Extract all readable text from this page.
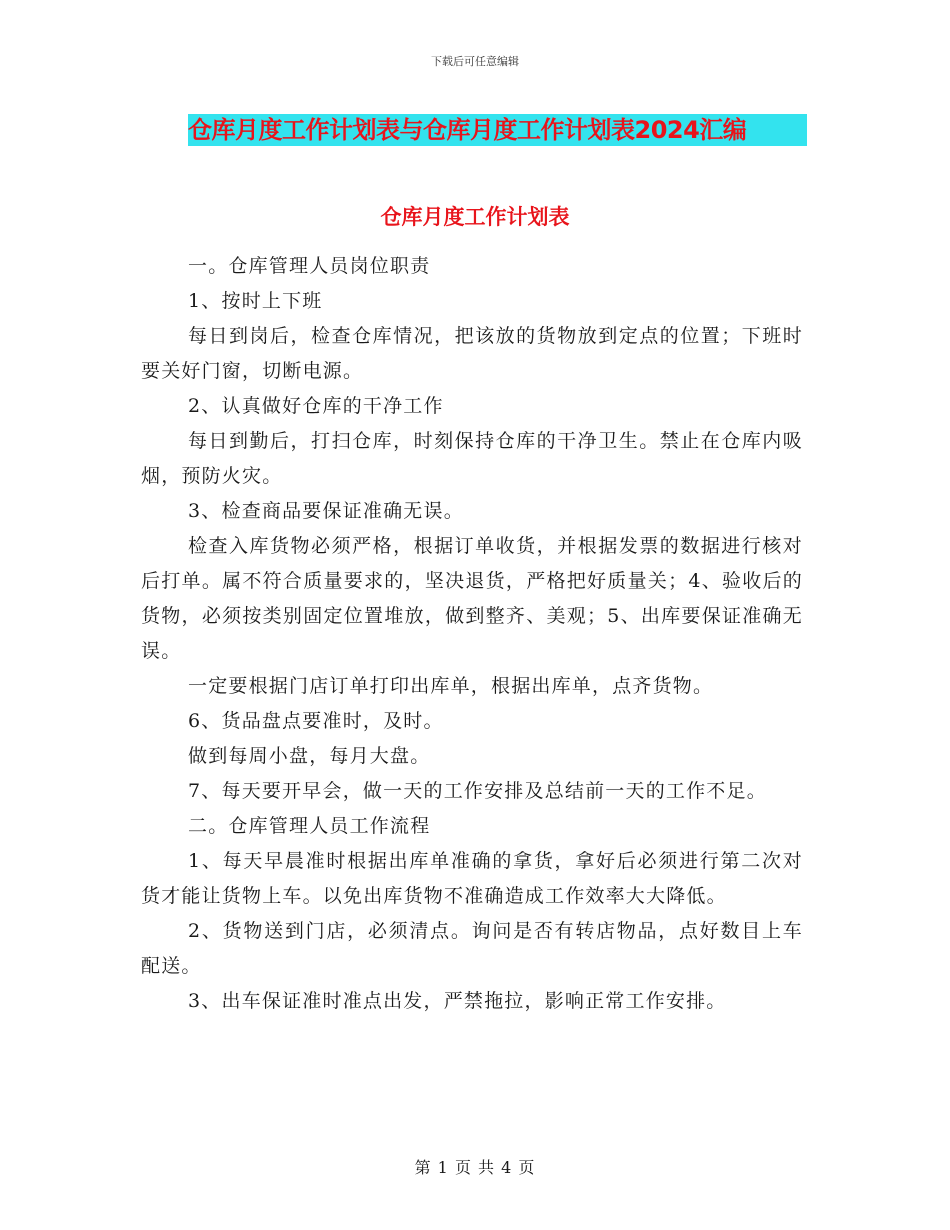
下载后可任意编辑
仓库月度工作计划表与仓库月度工作计划表2024汇编
仓库月度工作计划表

一。仓库管理人员岗位职责

1、按时上下班

每日到岗后，检查仓库情况，把该放的货物放到定点的位置；下班时要关好门窗，切断电源。

2、认真做好仓库的干净工作

每日到勤后，打扫仓库，时刻保持仓库的干净卫生。禁止在仓库内吸烟，预防火灾。

3、检查商品要保证准确无误。

检查入库货物必须严格，根据订单收货，并根据发票的数据进行核对后打单。属不符合质量要求的，坚决退货，严格把好质量关；4、验收后的货物，必须按类别固定位置堆放，做到整齐、美观；5、出库要保证准确无误。

一定要根据门店订单打印出库单，根据出库单，点齐货物。

6、货品盘点要准时，及时。

做到每周小盘，每月大盘。

7、每天要开早会，做一天的工作安排及总结前一天的工作不足。

二。仓库管理人员工作流程

1、每天早晨准时根据出库单准确的拿货，拿好后必须进行第二次对货才能让货物上车。以免出库货物不准确造成工作效率大大降低。

2、货物送到门店，必须清点。询问是否有转店物品，点好数目上车配送。

3、出车保证准时准点出发，严禁拖拉，影响正常工作安排。

第 1 页 共 4 页
